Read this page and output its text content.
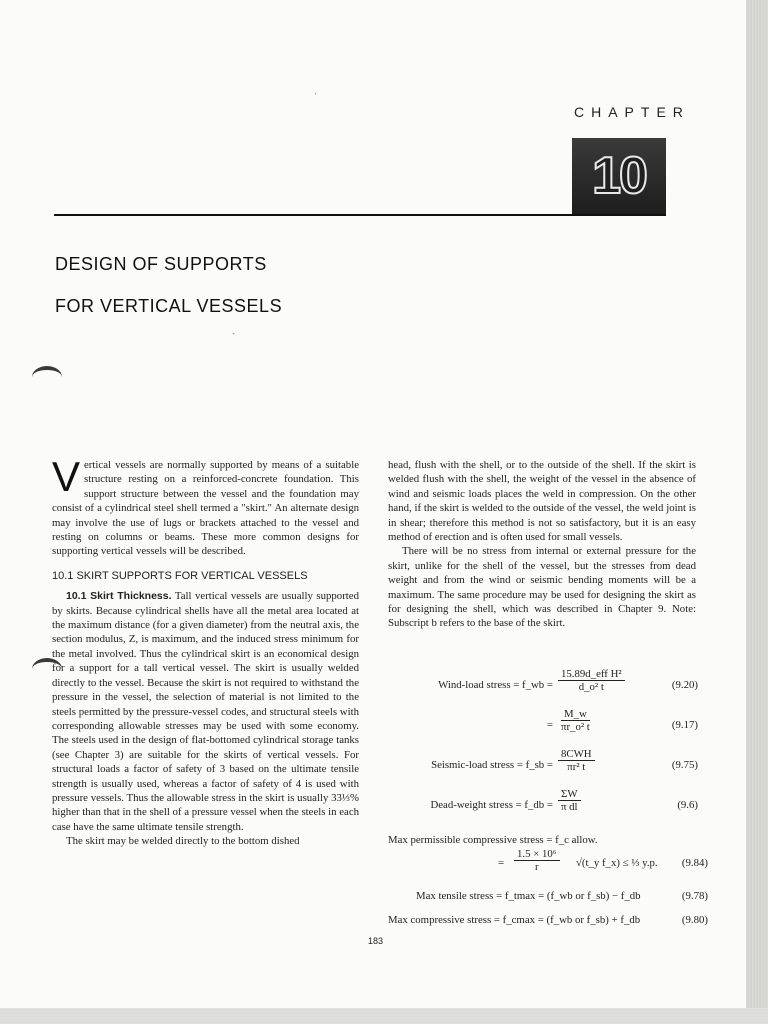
CHAPTER
10
DESIGN OF SUPPORTS
FOR VERTICAL VESSELS

Vertical vessels are normally supported by means of a suitable structure resting on a reinforced-concrete foundation. This support structure between the vessel and the foundation may consist of a cylindrical steel shell termed a "skirt." An alternate design may involve the use of lugs or brackets attached to the vessel and resting on columns or beams. These more common designs for supporting vertical vessels will be described.

10.1 SKIRT SUPPORTS FOR VERTICAL VESSELS

10.1 Skirt Thickness. Tall vertical vessels are usually supported by skirts. Because cylindrical shells have all the metal area located at the maximum distance (for a given diameter) from the neutral axis, the section modulus, Z, is maximum, and the induced stress minimum for the metal involved. Thus the cylindrical skirt is an economical design for a support for a tall vertical vessel. The skirt is usually welded directly to the vessel. Because the skirt is not required to withstand the pressure in the vessel, the selection of material is not limited to the steels permitted by the pressure-vessel codes, and structural steels with corresponding allowable stresses may be used with some economy. The steels used in the design of flat-bottomed cylindrical storage tanks (see Chapter 3) are suitable for the skirts of vertical vessels. For structural loads a factor of safety of 3 based on the ultimate tensile strength is usually used, whereas a factor of safety of 4 is used with pressure vessels. Thus the allowable stress in the skirt is usually 33⅓% higher than that in the shell of a pressure vessel when the steels in each case have the same ultimate tensile strength.

The skirt may be welded directly to the bottom dished

head, flush with the shell, or to the outside of the shell. If the skirt is welded flush with the shell, the weight of the vessel in the absence of wind and seismic loads places the weld in compression. On the other hand, if the skirt is welded to the outside of the vessel, the weld joint is in shear; therefore this method is not so satisfactory, but it is an easy method of erection and is often used for small vessels.

There will be no stress from internal or external pressure for the skirt, unlike for the shell of the vessel, but the stresses from dead weight and from the wind or seismic bending moments will be a maximum. The same procedure may be used for designing the skirt as for designing the shell, which was described in Chapter 9. Note: Subscript b refers to the base of the skirt.

Wind-load stress = f_wb = $\frac{\text{15.89d\_eff H²}}{\text{d\_o² t}}$	(9.20)
= $\frac{M\_w}{\text{πr\_o² t}}$	(9.17)
Seismic-load stress = f_sb = $\frac{\text{8CWH}}{\text{πr² t}}$	(9.75)
Dead-weight stress = f_db = $\frac{\Sigma W}{\text{π dl}}$	(9.6)
Max permissible compressive stress = f_c allow.
= $\frac{\text{1.5 × 10⁶}}{r}$ √(t_y f_x) ≤ ⅓ y.p. (9.84)
Max tensile stress = f_tmax = (f_wb or f_sb) − f_db	(9.78)
Max compressive stress = f_cmax = (f_wb or f_sb) + f_db	(9.80)
183
ˌ
ˎ
